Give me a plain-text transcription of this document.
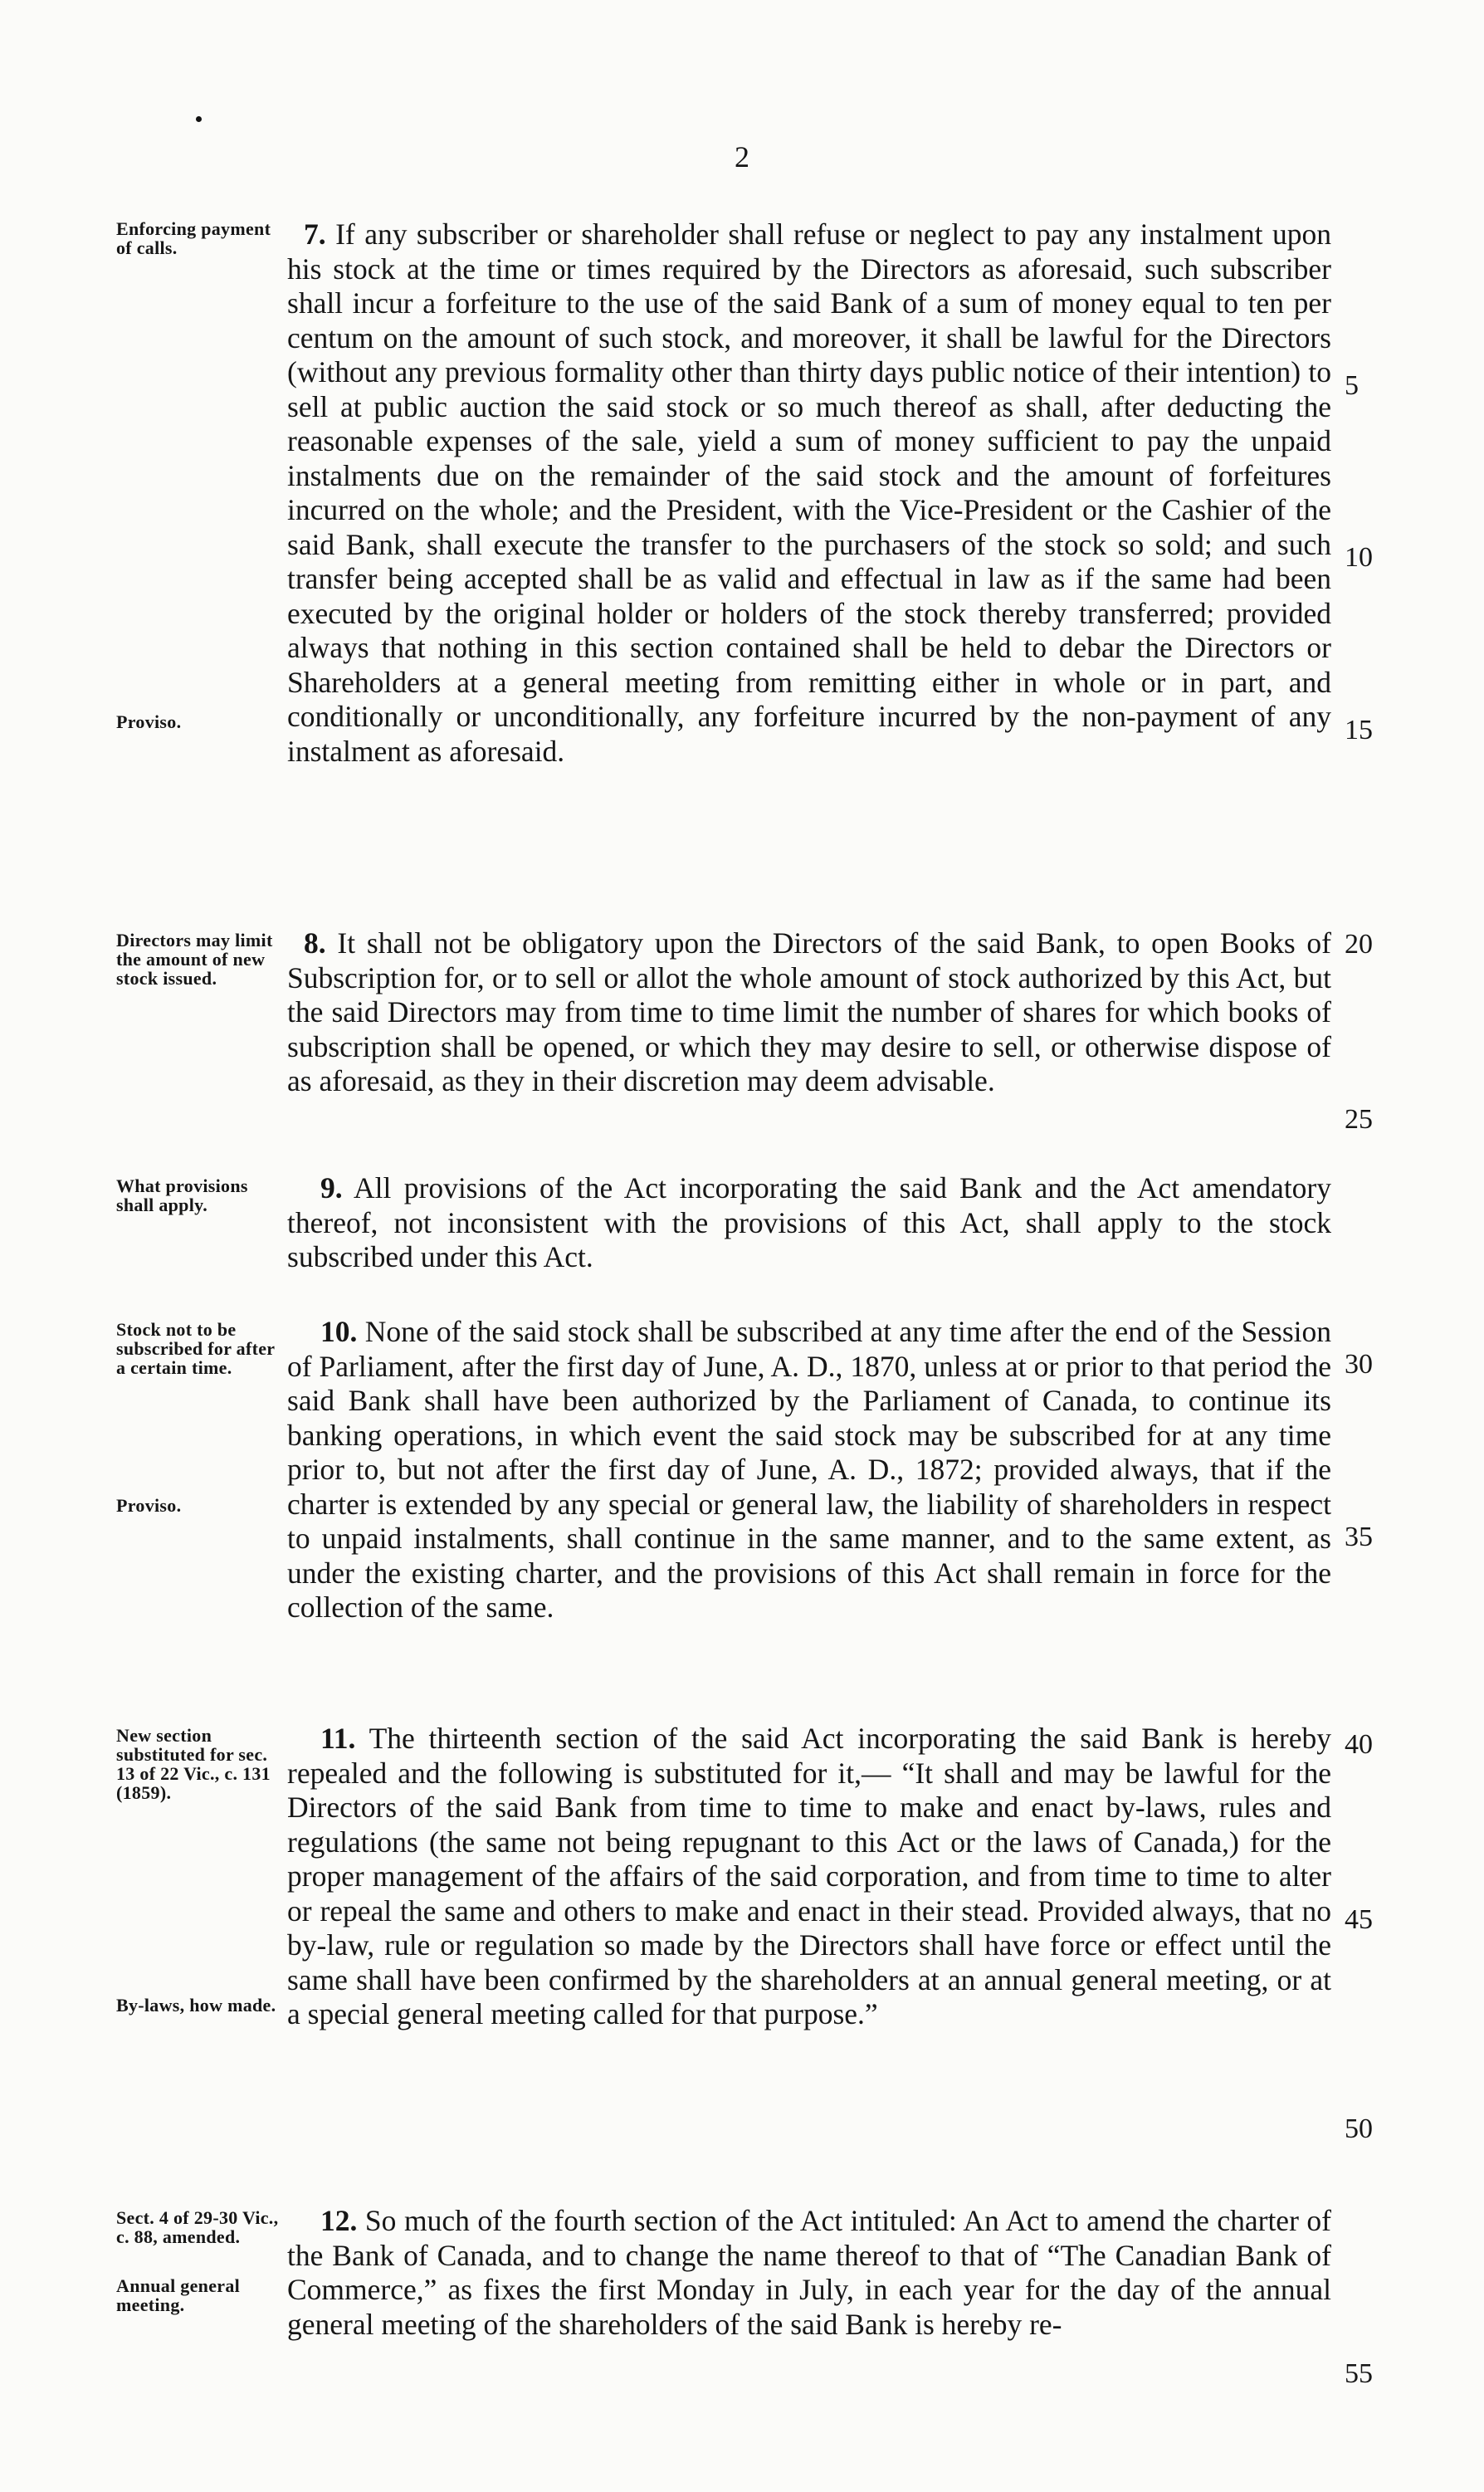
2
Enforcing payment of calls.
Proviso.

7. If any subscriber or shareholder shall refuse or neglect to pay any instalment upon his stock at the time or times required by the Directors as aforesaid, such subscriber shall incur a forfeiture to the use of the said Bank of a sum of money equal to ten per centum on the amount of such stock, and moreover, it shall be lawful for the Directors (without any previous formality other than thirty days public notice of their intention) to sell at public auction the said stock or so much thereof as shall, after deducting the reasonable expenses of the sale, yield a sum of money sufficient to pay the unpaid instalments due on the remainder of the said stock and the amount of forfeitures incurred on the whole; and the President, with the Vice-President or the Cashier of the said Bank, shall execute the transfer to the purchasers of the stock so sold; and such transfer being accepted shall be as valid and effectual in law as if the same had been executed by the original holder or holders of the stock thereby transferred; provided always that nothing in this section contained shall be held to debar the Directors or Shareholders at a general meeting from remitting either in whole or in part, and conditionally or unconditionally, any forfeiture incurred by the non-payment of any instalment as aforesaid.

Directors may limit the amount of new stock issued.

8. It shall not be obligatory upon the Directors of the said Bank, to open Books of Subscription for, or to sell or allot the whole amount of stock authorized by this Act, but the said Directors may from time to time limit the number of shares for which books of subscription shall be opened, or which they may desire to sell, or otherwise dispose of as aforesaid, as they in their discretion may deem advisable.

What provisions shall apply.

9. All provisions of the Act incorporating the said Bank and the Act amendatory thereof, not inconsistent with the provisions of this Act, shall apply to the stock subscribed under this Act.

Stock not to be subscribed for after a certain time.
Proviso.

10. None of the said stock shall be subscribed at any time after the end of the Session of Parliament, after the first day of June, A. D., 1870, unless at or prior to that period the said Bank shall have been authorized by the Parliament of Canada, to continue its banking operations, in which event the said stock may be subscribed for at any time prior to, but not after the first day of June, A. D., 1872; provided always, that if the charter is extended by any special or general law, the liability of shareholders in respect to unpaid instalments, shall continue in the same manner, and to the same extent, as under the existing charter, and the provisions of this Act shall remain in force for the collection of the same.

New section substituted for sec. 13 of 22 Vic., c. 131 (1859).
By-laws, how made.

11. The thirteenth section of the said Act incorporating the said Bank is hereby repealed and the following is substituted for it,— “It shall and may be lawful for the Directors of the said Bank from time to time to make and enact by-laws, rules and regulations (the same not being repugnant to this Act or the laws of Canada,) for the proper management of the affairs of the said corporation, and from time to time to alter or repeal the same and others to make and enact in their stead. Provided always, that no by-law, rule or regulation so made by the Directors shall have force or effect until the same shall have been confirmed by the shareholders at an annual general meeting, or at a special general meeting called for that purpose.”

Sect. 4 of 29-30 Vic., c. 88, amended.
Annual general meeting.

12. So much of the fourth section of the Act intituled: An Act to amend the charter of the Bank of Canada, and to change the name thereof to that of “The Canadian Bank of Commerce,” as fixes the first Monday in July, in each year for the day of the annual general meeting of the shareholders of the said Bank is hereby re-

5
10
15
20
25
30
35
40
45
50
55
